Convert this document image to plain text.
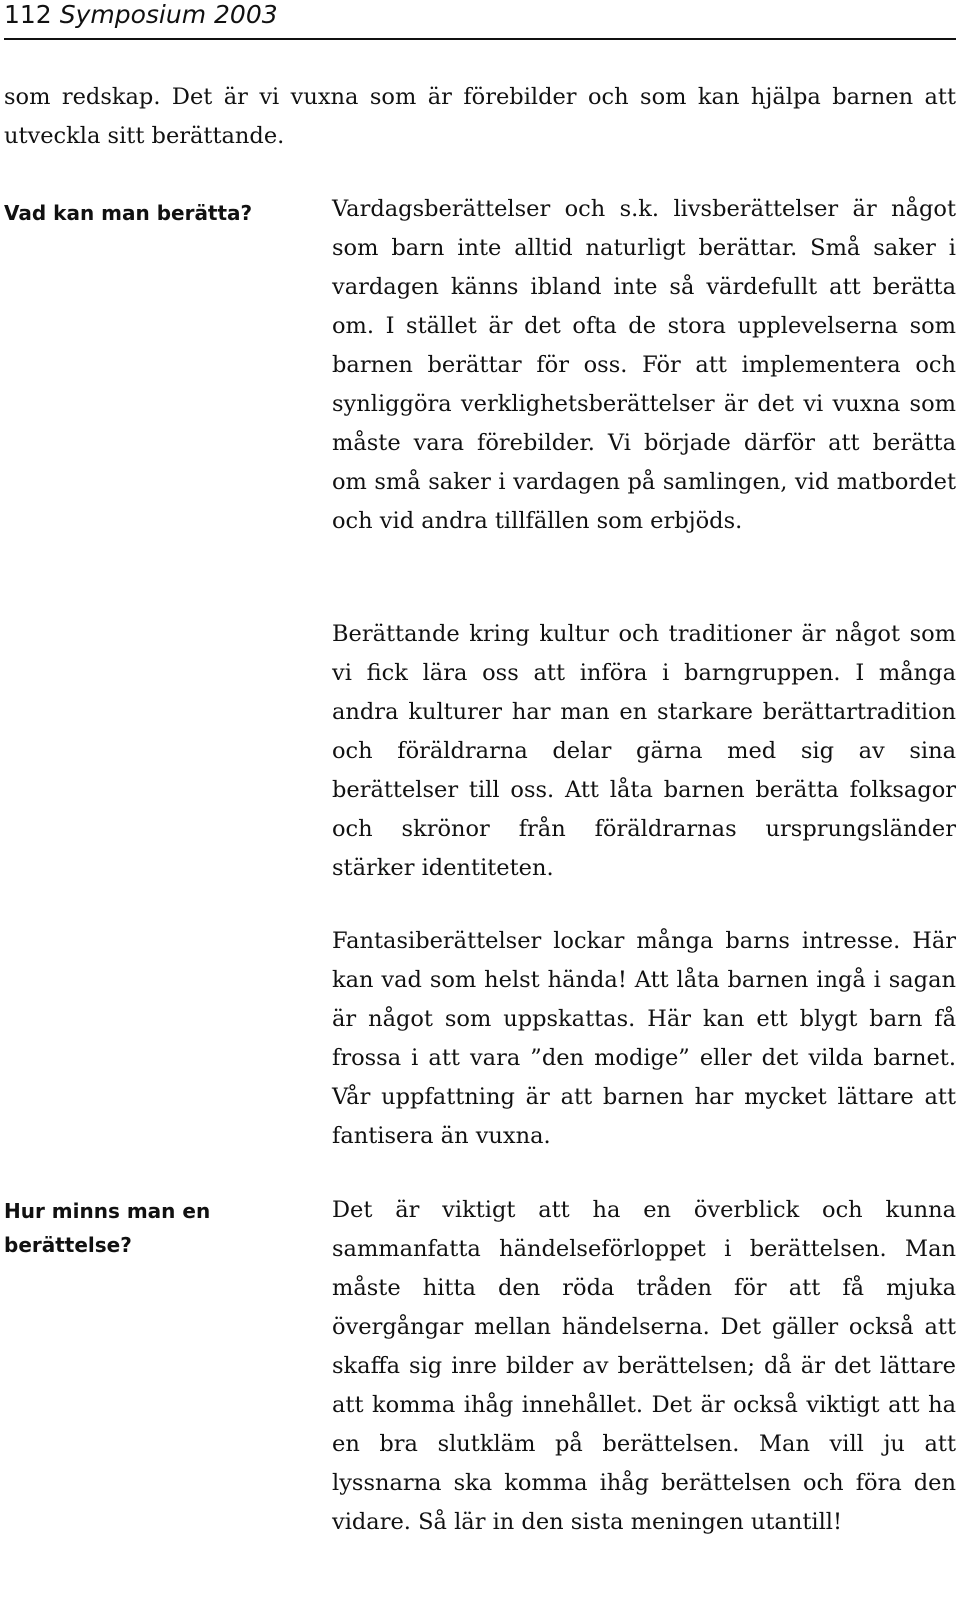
112 Symposium 2003

som redskap. Det är vi vuxna som är förebilder och som kan hjälpa barnen att utveckla sitt berättande.

Vad kan man berätta?	Vardagsberättelser och s.k. livsberättelser är något som barn inte alltid naturligt berättar. Små saker i vardagen känns ibland inte så värdefullt att berätta om. I stället är det ofta de stora upplevelserna som barnen berättar för oss. För att implementera och synliggöra verklighetsberättelser är det vi vuxna som måste vara förebilder. Vi började därför att berätta om små saker i vardagen på samlingen, vid matbordet och vid andra tillfällen som erbjöds.

Berättande kring kultur och traditioner är något som vi fick lära oss att införa i barngruppen. I många andra kulturer har man en starkare berättartradition och föräldrarna delar gärna med sig av sina berättelser till oss. Att låta barnen berätta folksagor och skrönor från föräldrarnas ursprungsländer stärker identiteten.

Fantasiberättelser lockar många barns intresse. Här kan vad som helst hända! Att låta barnen ingå i sagan är något som uppskattas. Här kan ett blygt barn få frossa i att vara ”den modige” eller det vilda barnet. Vår uppfattning är att barnen har mycket lättare att fantisera än vuxna.

Hur minns man en berättelse?

Det är viktigt att ha en överblick och kunna sammanfatta händelseförloppet i berättelsen. Man måste hitta den röda tråden för att få mjuka övergångar mellan händelserna. Det gäller också att skaffa sig inre bilder av berättelsen; då är det lättare att komma ihåg innehållet. Det är också viktigt att ha en bra slutkläm på berättelsen. Man vill ju att lyssnarna ska komma ihåg berättelsen och föra den vidare. Så lär in den sista meningen utantill!
